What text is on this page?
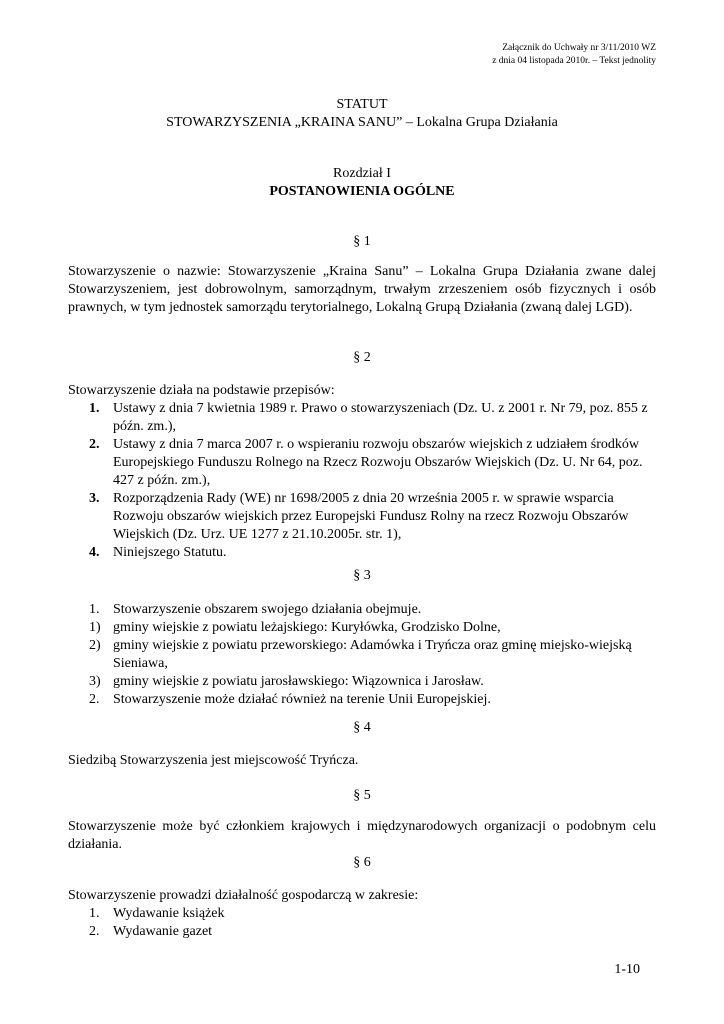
Załącznik do Uchwały nr 3/11/2010 WZ
z dnia 04 listopada 2010r. – Tekst jednolity
STATUT
STOWARZYSZENIA „KRAINA SANU” – Lokalna Grupa Działania
Rozdział I
POSTANOWIENIA OGÓLNE
§ 1
Stowarzyszenie o nazwie: Stowarzyszenie „Kraina Sanu” – Lokalna Grupa Działania zwane dalej Stowarzyszeniem, jest dobrowolnym, samorządnym, trwałym zrzeszeniem osób fizycznych i osób prawnych, w tym jednostek samorządu terytorialnego, Lokalną Grupą Działania (zwaną dalej LGD).
§ 2
Stowarzyszenie działa na podstawie przepisów:
1. Ustawy z dnia 7 kwietnia 1989 r. Prawo o stowarzyszeniach (Dz. U. z 2001 r. Nr 79, poz. 855 z późn. zm.),
2. Ustawy z dnia 7 marca 2007 r. o wspieraniu rozwoju obszarów wiejskich z udziałem środków Europejskiego Funduszu Rolnego na Rzecz Rozwoju Obszarów Wiejskich (Dz. U. Nr 64, poz. 427 z późn. zm.),
3. Rozporządzenia Rady (WE) nr 1698/2005 z dnia 20 września 2005 r. w sprawie wsparcia Rozwoju obszarów wiejskich przez Europejski Fundusz Rolny na rzecz Rozwoju Obszarów Wiejskich (Dz. Urz. UE 1277 z 21.10.2005r. str. 1),
4. Niniejszego Statutu.
§ 3
1. Stowarzyszenie obszarem swojego działania obejmuje.
1) gminy wiejskie z powiatu leżajskiego: Kuryłówka, Grodzisko Dolne,
2) gminy wiejskie z powiatu przeworskiego: Adamówka i Tryńcza oraz gminę miejsko-wiejską Sieniawa,
3) gminy wiejskie z powiatu jarosławskiego: Wiązownica i Jarosław.
2. Stowarzyszenie może działać również na terenie Unii Europejskiej.
§ 4
Siedzibą Stowarzyszenia jest miejscowość Tryńcza.
§ 5
Stowarzyszenie może być członkiem krajowych i międzynarodowych organizacji o podobnym celu działania.
§ 6
Stowarzyszenie prowadzi działalność gospodarczą w zakresie:
1. Wydawanie książek
2. Wydawanie gazet
1-10
